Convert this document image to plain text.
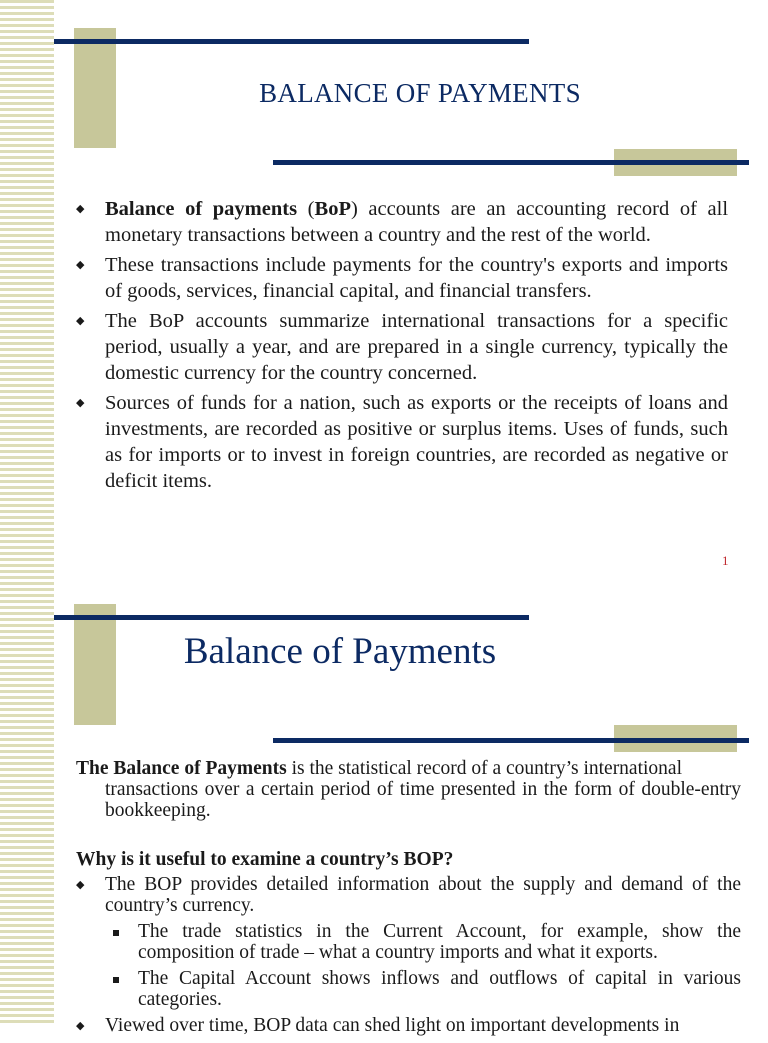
BALANCE OF PAYMENTS
◆ Balance of payments (BoP) accounts are an accounting record of all monetary transactions between a country and the rest of the world.
◆ These transactions include payments for the country's exports and imports of goods, services, financial capital, and financial transfers.
◆ The BoP accounts summarize international transactions for a specific period, usually a year, and are prepared in a single currency, typically the domestic currency for the country concerned.
◆ Sources of funds for a nation, such as exports or the receipts of loans and investments, are recorded as positive or surplus items. Uses of funds, such as for imports or to invest in foreign countries, are recorded as negative or deficit items.
1
Balance of Payments
The Balance of Payments is the statistical record of a country’s international
transactions over a certain period of time presented in the form of double-entry bookkeeping.
Why is it useful to examine a country’s BOP?
◆ The BOP provides detailed information about the supply and demand of the country’s currency.
The trade statistics in the Current Account, for example, show the composition of trade – what a country imports and what it exports.
The Capital Account shows inflows and outflows of capital in various categories.
◆ Viewed over time, BOP data can shed light on important developments in
